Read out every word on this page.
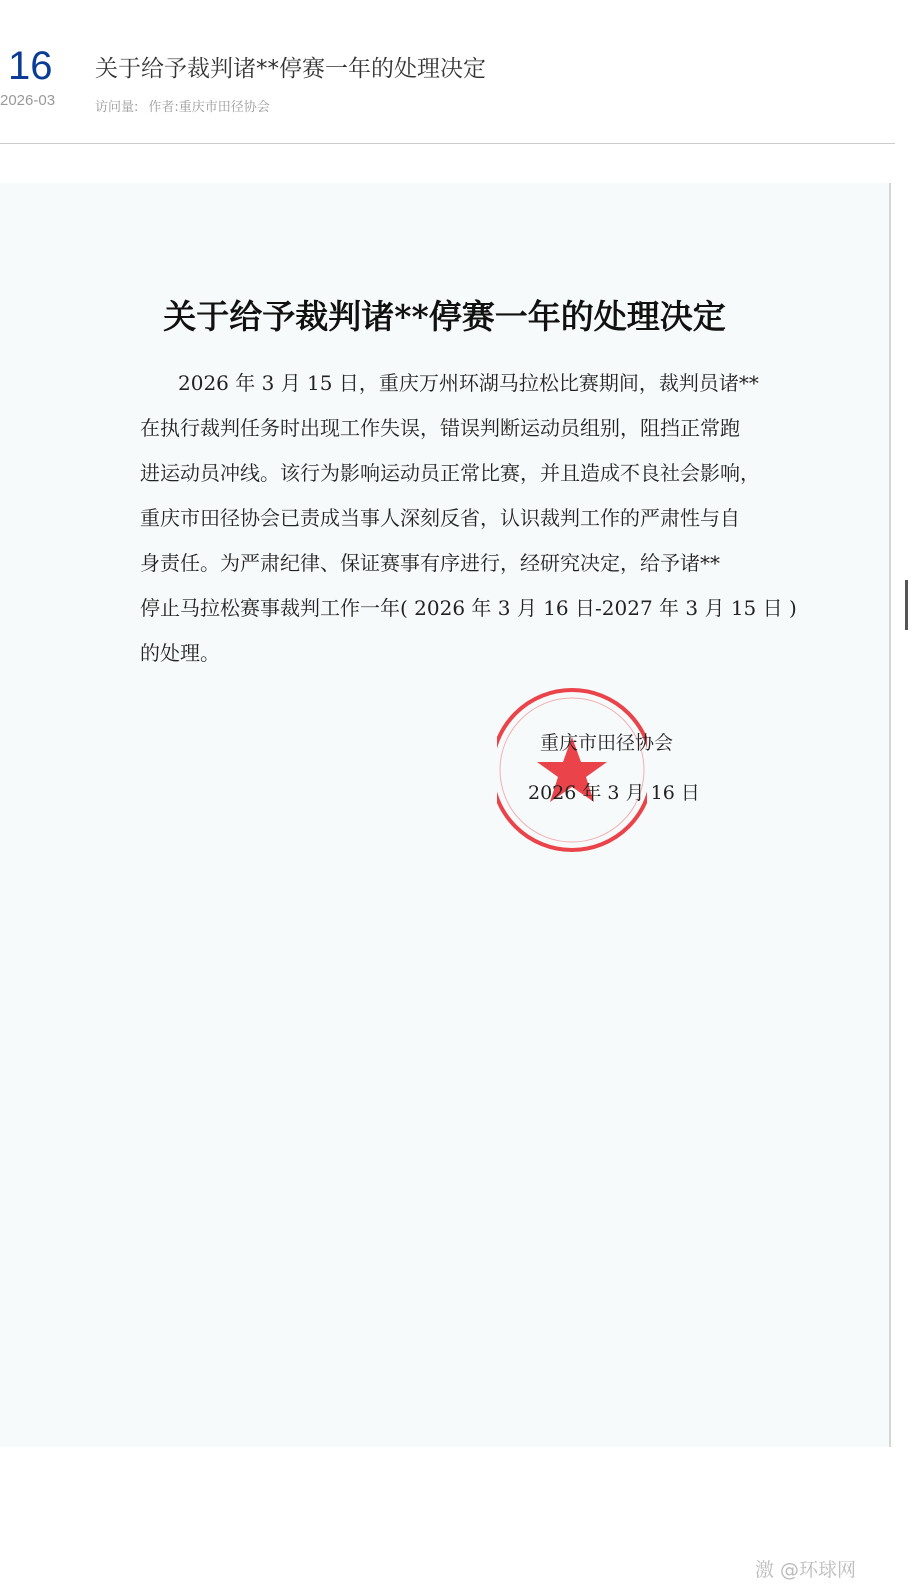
16
2026-03
关于给予裁判诸**停赛一年的处理决定
访问量: 作者:重庆市田径协会
关于给予裁判诸**停赛一年的处理决定
2026 年 3 月 15 日，重庆万州环湖马拉松比赛期间，裁判员诸**
在执行裁判任务时出现工作失误，错误判断运动员组别，阻挡正常跑
进运动员冲线。该行为影响运动员正常比赛，并且造成不良社会影响，
重庆市田径协会已责成当事人深刻反省，认识裁判工作的严肃性与自
身责任。为严肃纪律、保证赛事有序进行，经研究决定，给予诸**
停止马拉松赛事裁判工作一年( 2026 年 3 月 16 日-2027 年 3 月 15 日 )
的处理。
重庆市田径协会
2026 年 3 月 16 日
激 @环球网
